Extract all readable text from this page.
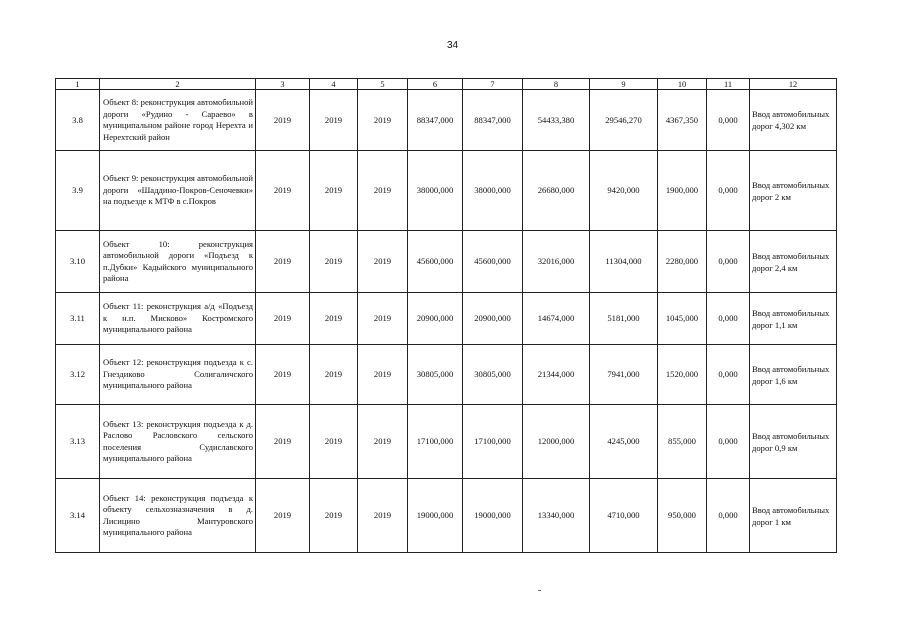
34
1	2	3	4	5	6	7	8	9	10	11	12
3.8	Объект 8: реконструкция автомобильной дороги «Рудино - Сараево» в муниципальном районе город Нерехта и Нерехтский район	2019	2019	2019	88347,000	88347,000	54433,380	29546,270	4367,350	0,000	Ввод автомобильных дорог 4,302 км
3.9	Объект 9: реконструкция автомобильной дороги «Шаддино-Покров-Сеночевки» на подъезде к МТФ в с.Покров	2019	2019	2019	38000,000	38000,000	26680,000	9420,000	1900,000	0,000	Ввод автомобильных дорог 2 км
3.10	Объект 10: реконструкция автомобильной дороги «Подъезд к п.Дубки» Кадыйского муниципального района	2019	2019	2019	45600,000	45600,000	32016,000	11304,000	2280,000	0,000	Ввод автомобильных дорог 2,4 км
3.11	Объект 11: реконструкция а/д «Подъезд к н.п. Мисково» Костромского муниципального района	2019	2019	2019	20900,000	20900,000	14674,000	5181,000	1045,000	0,000	Ввод автомобильных дорог 1,1 км
3.12	Объект 12: реконструкция подъезда к с. Гнездиково Солигаличского муниципального района	2019	2019	2019	30805,000	30805,000	21344,000	7941,000	1520,000	0,000	Ввод автомобильных дорог 1,6 км
3.13	Объект 13: реконструкция подъезда к д. Раслово Расловского сельского поселения Судиславского муниципального района	2019	2019	2019	17100,000	17100,000	12000,000	4245,000	855,000	0,000	Ввод автомобильных дорог 0,9 км
3.14	Объект 14: реконструкция подъезда к объекту сельхозназначения в д. Лисицино Мантуровского муниципального района	2019	2019	2019	19000,000	19000,000	13340,000	4710,000	950,000	0,000	Ввод автомобильных дорог 1 км
